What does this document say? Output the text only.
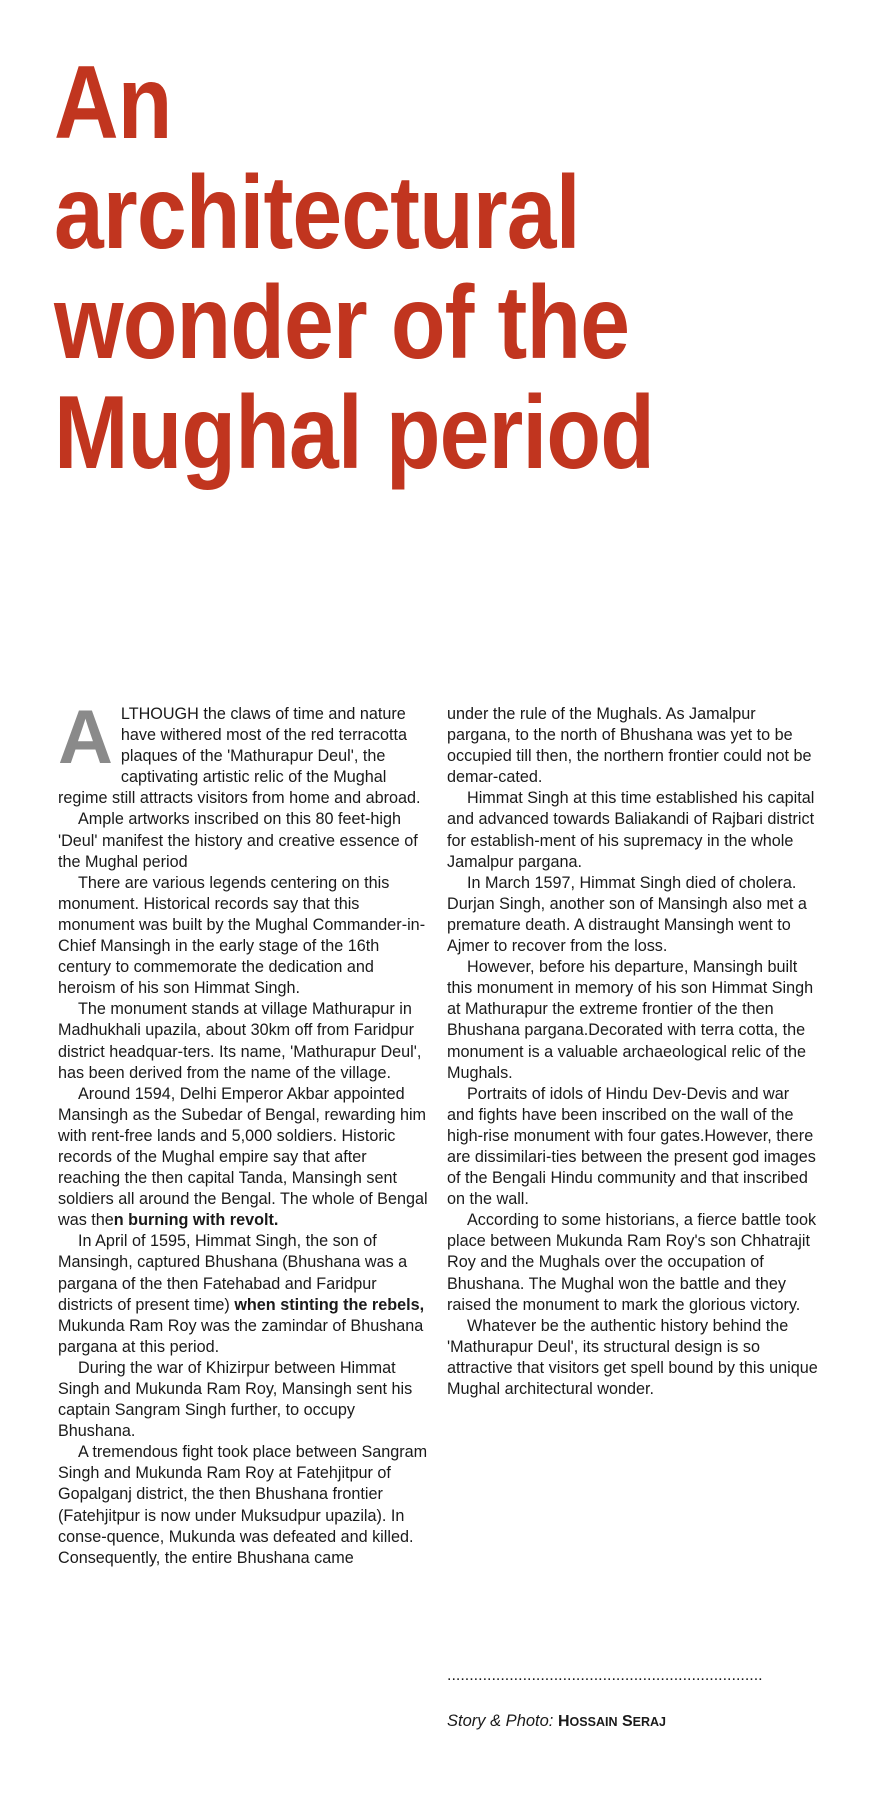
An
architectural
wonder of the
Mughal period

ALTHOUGH the claws of time and nature have withered most of the red terracotta plaques of the 'Mathurapur Deul', the captivating artistic relic of the Mughal regime still attracts visitors from home and abroad.

Ample artworks inscribed on this 80 feet-high 'Deul' manifest the history and creative essence of the Mughal period

There are various legends centering on this monument. Historical records say that this monument was built by the Mughal Commander-in-Chief Mansingh in the early stage of the 16th century to commemorate the dedication and heroism of his son Himmat Singh.

The monument stands at village Mathurapur in Madhukhali upazila, about 30km off from Faridpur district headquar-ters. Its name, 'Mathurapur Deul', has been derived from the name of the village.

Around 1594, Delhi Emperor Akbar appointed Mansingh as the Subedar of Bengal, rewarding him with rent-free lands and 5,000 soldiers. Historic records of the Mughal empire say that after reaching the then capital Tanda, Mansingh sent soldiers all around the Bengal. The whole of Bengal was then burning with revolt.

In April of 1595, Himmat Singh, the son of Mansingh, captured Bhushana (Bhushana was a pargana of the then Fatehabad and Faridpur districts of present time) when stinting the rebels, Mukunda Ram Roy was the zamindar of Bhushana pargana at this period.

During the war of Khizirpur between Himmat Singh and Mukunda Ram Roy, Mansingh sent his captain Sangram Singh further, to occupy Bhushana.

A tremendous fight took place between Sangram Singh and Mukunda Ram Roy at Fatehjitpur of Gopalganj district, the then Bhushana frontier (Fatehjitpur is now under Muksudpur upazila). In conse-quence, Mukunda was defeated and killed. Consequently, the entire Bhushana came

under the rule of the Mughals. As Jamalpur pargana, to the north of Bhushana was yet to be occupied till then, the northern frontier could not be demar-cated.

Himmat Singh at this time established his capital and advanced towards Baliakandi of Rajbari district for establish-ment of his supremacy in the whole Jamalpur pargana.

In March 1597, Himmat Singh died of cholera. Durjan Singh, another son of Mansingh also met a premature death. A distraught Mansingh went to Ajmer to recover from the loss.

However, before his departure, Mansingh built this monument in memory of his son Himmat Singh at Mathurapur the extreme frontier of the then Bhushana pargana.Decorated with terra cotta, the monument is a valuable archaeological relic of the Mughals.

Portraits of idols of Hindu Dev-Devis and war and fights have been inscribed on the wall of the high-rise monument with four gates.However, there are dissimilari-ties between the present god images of the Bengali Hindu community and that inscribed on the wall.

According to some historians, a fierce battle took place between Mukunda Ram Roy's son Chhatrajit Roy and the Mughals over the occupation of Bhushana. The Mughal won the battle and they raised the monument to mark the glorious victory.

Whatever be the authentic history behind the 'Mathurapur Deul', its structural design is so attractive that visitors get spell bound by this unique Mughal architectural wonder.

.......................................................................
Story & Photo: HOSSAIN SERAJ
